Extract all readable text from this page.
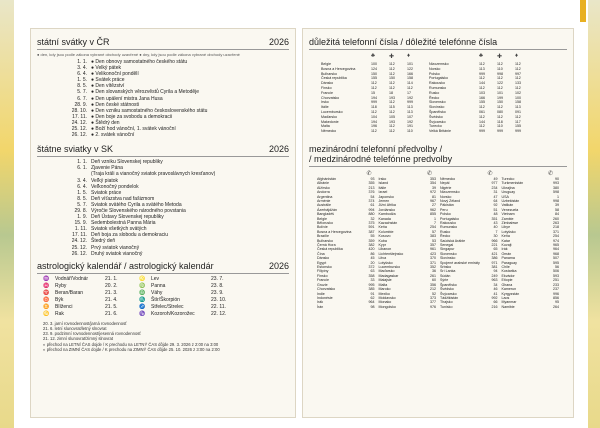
státní svátky v ČR	2026
● den, kdy jsou podle zákona vybrané obchody uzavřené ● dny, kdy jsou podle zákona vybrané obchody uzavřené
1. 1. ● Den obnovy samostatného českého státu
3. 4. ● Velký pátek
6. 4. ● Velikonoční pondělí
1. 5. ● Svátek práce
8. 5. ● Den vítězství
5. 7. ● Den slovanských věrozvěstů Cyrila a Metoděje
6. 7. ● Den upálení mistra Jana Husa
28. 9. ● Den české státnosti
28. 10. ● Den vzniku samostatného československého státu
17. 11. ● Den boje za svobodu a demokracii
24. 12. ● Štědrý den
25. 12. ● Boží hod vánoční, 1. svátek vánoční
26. 12. ● 2. svátek vánoční
štátne sviatky v SK	2026
1. 1. Deň vzniku Slovenskej republiky
6. 1. Zjavenie Pána
(Traja králi a vianočný sviatok pravoslávnych kresťanov)
3. 4. Veľký piatok
6. 4. Veľkonočný pondelok
1. 5. Sviatok práce
8. 5. Deň víťazstva nad fašizmom
5. 7. Sviatok svätého Cyrila a svätého Metoda
29. 8. Výročie Slovenského národného povstania
1. 9. Deň Ústavy Slovenskej republiky
15. 9. Sedembolestná Panna Mária
1. 11. Sviatok všetkých svätých
17. 11. Deň boja za slobodu a demokraciu
24. 12. Štedrý deň
25. 12. Prvý sviatok vianočný
26. 12. Druhý sviatok vianočný
astrologický kalendář / astrologický kalendár	2026
♒	Vodnář/Vodnár	21. 1.	♌	Lev	23. 7.
♓	Ryby	20. 2.	♍	Panna	23. 8.
♈	Beran/Baran	21. 3.	♎	Váhy	23. 9.
♉	Býk	21. 4.	♏	Štír/Škorpión	23. 10.
♊	Blíženci	21. 5.	♐	Střelec/Strelec	22. 11.
♋	Rak	21. 6.	♑	Kozoroh/Kozorožec	22. 12.
20. 3. jarní rovnodennost/jarná rovnodennosť
21. 6. letní slunovrat/letný slnovrat
23. 9. podzimní rovnodennost/jesenná rovnodennosť
21. 12. zimní slunovrat/zimný slnovrat
◐ přechod na LETNÍ ČAS dojde / K prechodu na LETNÝ ČAS dôjde 29. 3. 2026 z 2:00 na 3:00
◐ přechod na ZIMNÍ ČAS dojde / K prechodu na ZIMNÝ ČAS dôjde 25. 10. 2026 z 3:00 na 2:00
důležitá telefonní čísla / dôležité telefónne čísla
♣	✚	♦	♣	✚	♦
Belgie	100	112	101	Nizozemsko	112	112	112
Bosna a Hercegovina	124	112	122	Norsko	113	110	112
Bulharsko	150	112	166	Polsko	999	998	997
Česká republika	155	150	158	Portugalsko	112	112	112
Dánsko	112	112	114	Rakousko	144	122	133
Finsko	112	112	112	Rumunsko	112	112	112
Francie	15	18	17	Rusko	103	101	102
Chorvatsko	194	193	192	Řecko	166	199	100
Irsko	999	112	999	Slovensko	155	150	158
Itálie	118	115	113	Slovinsko	112	112	113
Lucembursko	112	112	113	Španělsko	061	080	091
Maďarsko	104	105	107	Švédsko	112	112	112
Makedonie	194	193	192	Švýcarsko	144	118	117
Malta	196	112	191	Turecko	112	110	155
Německo	112	112	110	Velká Británie	999	999	999
mezinárodní telefonní předvolby /
/ medzinárodné telefónne predvolby
✆	✆	✆	✆
Afghánistán	93
Albánie	355
Alžírsko	213
Andorra	376
Argentina	54
Arménie	374
Austrálie	61
Ázerbájdžán	994
Bangladéš	880
Belgie	32
Bělorusko	375
Bolívie	591
Bosna a Hercegovina	387
Brazílie	55
Bulharsko	359
Černá Hora	382
Česká republika	420
Čína	86
Dánsko	45
Egypt	20
Estonsko	372
Filipíny	63
Finsko	358
Francie	33
Gruzie	995
Chorvatsko	385
Indie	91
Indonésie	62
Irák	964
Írán	98
Irsko	353
Island	354
Itálie	39
Izrael	972
Japonsko	81
Jemen	967
Jižní Afrika	27
Jordánsko	962
Kambodža	855
Kanada	1
Kazachstán	7
Keňa	254
Kolumbie	57
Kosovo	383
Kuba	53
Kypr	357
Libanon	961
Lichtenštejnsko	423
Litva	370
Lotyšsko	371
Lucembursko	352
Maďarsko	36
Madagaskar	261
Malajsie	60
Malta	356
Maroko	212
Mexiko	52
Moldavsko	373
Monako	377
Mongolsko	976
Německo	49
Nepál	977
Nigérie	234
Nizozemsko	31
Norsko	47
Nový Zéland	64
Pákistán	92
Peru	51
Polsko	48
Portugalsko	351
Rakousko	43
Rumunsko	40
Rusko	7
Řecko	30
Saúdská Arábie	966
Senegal	221
Singapur	65
Slovensko	421
Slovinsko	386
Spojené arabské emiráty	971
Srbsko	381
Srí Lanka	94
Súdán	249
Sýrie	963
Španělsko	34
Švédsko	46
Švýcarsko	41
Tádžikistán	992
Thajsko	66
Tunisko	216
Turecko	90
Turkmenistán	993
Ukrajina	380
Uruguay	598
USA	1
Uzbekistán	998
Vatikán	39
Venezuela	58
Vietnam	84
Zambie	260
Zimbabwe	263
Libye	218
Lotyšsko	371
Keňa	254
Katar	974
Kuvajt	965
Irák	964
Omán	968
Panama	507
Paraguay	595
Chile	56
Kostarika	506
Ekvádor	593
Etiopie	251
Ghana	233
Kamerun	237
Kyrgyzstán	996
Laos	856
Myanmar	95
Namibie	264
